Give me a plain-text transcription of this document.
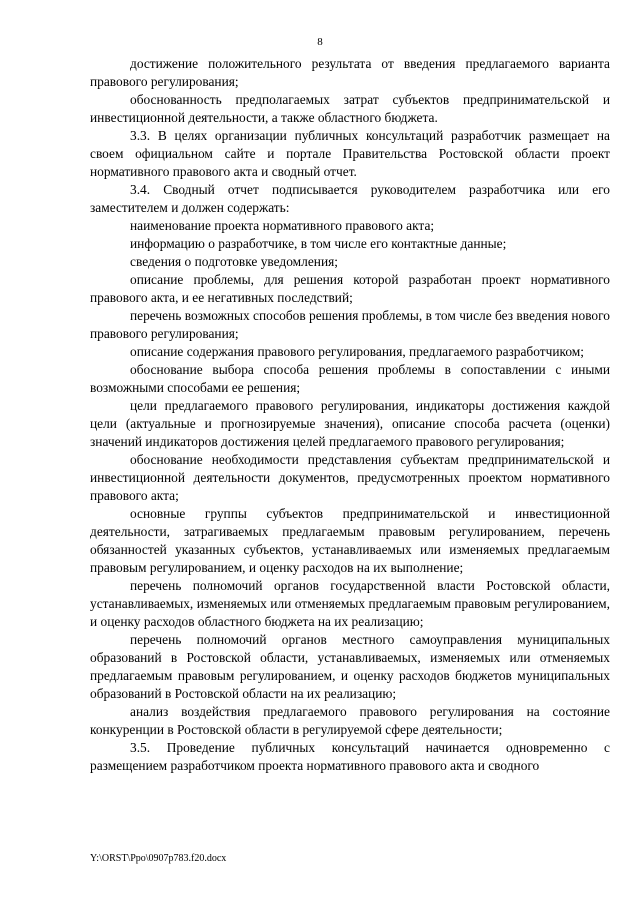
8

достижение положительного результата от введения предлагаемого варианта правового регулирования;

обоснованность предполагаемых затрат субъектов предпринимательской и инвестиционной деятельности, а также областного бюджета.

3.3. В целях организации публичных консультаций разработчик размещает на своем официальном сайте и портале Правительства Ростовской области проект нормативного правового акта и сводный отчет.

3.4. Сводный отчет подписывается руководителем разработчика или его заместителем и должен содержать:

наименование проекта нормативного правового акта;

информацию о разработчике, в том числе его контактные данные;

сведения о подготовке уведомления;

описание проблемы, для решения которой разработан проект нормативного правового акта, и ее негативных последствий;

перечень возможных способов решения проблемы, в том числе без введения нового правового регулирования;

описание содержания правового регулирования, предлагаемого разработчиком;

обоснование выбора способа решения проблемы в сопоставлении с иными возможными способами ее решения;

цели предлагаемого правового регулирования, индикаторы достижения каждой цели (актуальные и прогнозируемые значения), описание способа расчета (оценки) значений индикаторов достижения целей предлагаемого правового регулирования;

обоснование необходимости представления субъектам предпринимательской и инвестиционной деятельности документов, предусмотренных проектом нормативного правового акта;

основные группы субъектов предпринимательской и инвестиционной деятельности, затрагиваемых предлагаемым правовым регулированием, перечень обязанностей указанных субъектов, устанавливаемых или изменяемых предлагаемым правовым регулированием, и оценку расходов на их выполнение;

перечень полномочий органов государственной власти Ростовской области, устанавливаемых, изменяемых или отменяемых предлагаемым правовым регулированием, и оценку расходов областного бюджета на их реализацию;

перечень полномочий органов местного самоуправления муниципальных образований в Ростовской области, устанавливаемых, изменяемых или отменяемых предлагаемым правовым регулированием, и оценку расходов бюджетов муниципальных образований в Ростовской области на их реализацию;

анализ воздействия предлагаемого правового регулирования на состояние конкуренции в Ростовской области в регулируемой сфере деятельности;

3.5. Проведение публичных консультаций начинается одновременно с размещением разработчиком проекта нормативного правового акта и сводного

Y:\ORST\Ppo\0907p783.f20.docx
